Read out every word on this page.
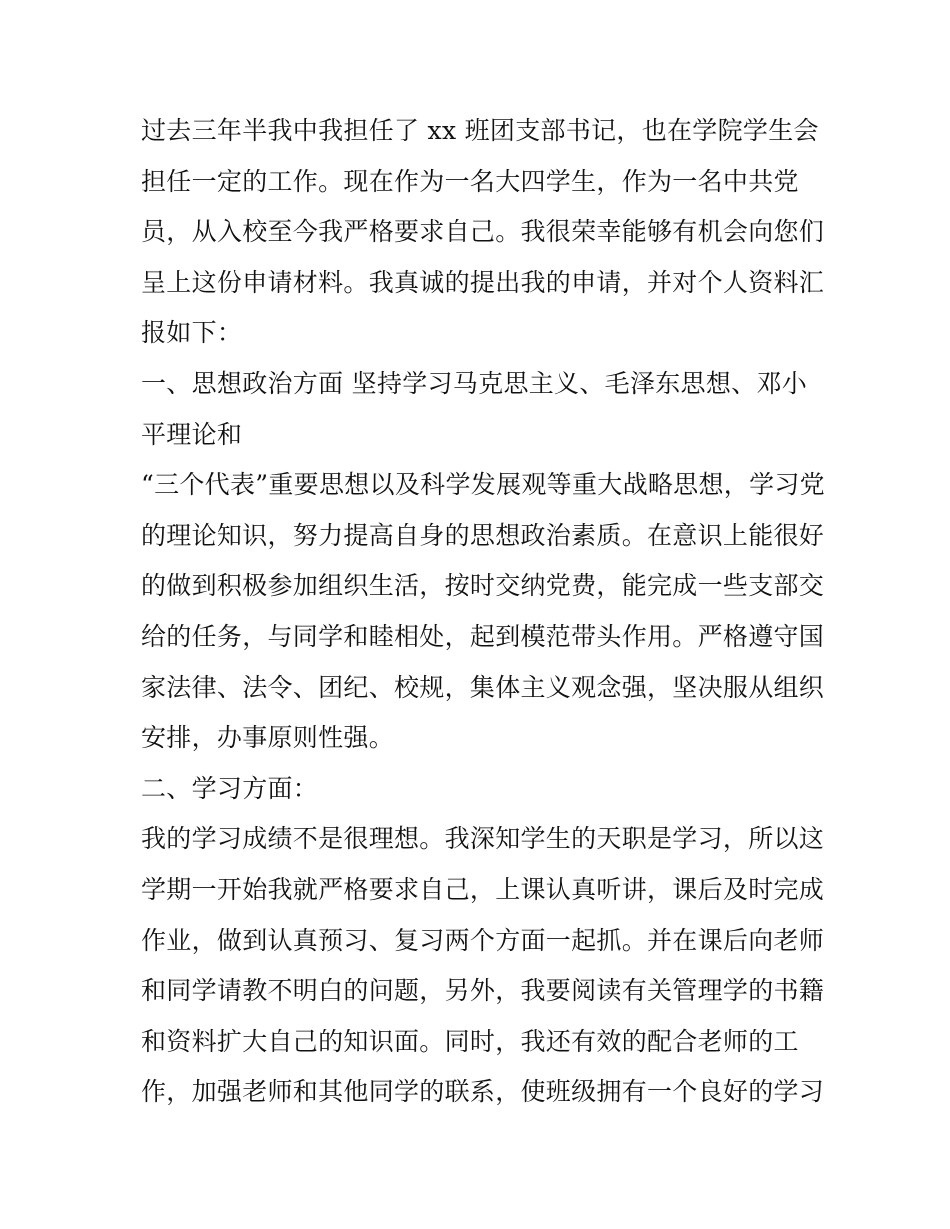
过去三年半我中我担任了 xx 班团支部书记，也在学院学生会
担任一定的工作。现在作为一名大四学生，作为一名中共党
员，从入校至今我严格要求自己。我很荣幸能够有机会向您们
呈上这份申请材料。我真诚的提出我的申请，并对个人资料汇
报如下：
一、思想政治方面 坚持学习马克思主义、毛泽东思想、邓小
平理论和
“三个代表”重要思想以及科学发展观等重大战略思想，学习党
的理论知识，努力提高自身的思想政治素质。在意识上能很好
的做到积极参加组织生活，按时交纳党费，能完成一些支部交
给的任务，与同学和睦相处，起到模范带头作用。严格遵守国
家法律、法令、团纪、校规，集体主义观念强，坚决服从组织
安排，办事原则性强。
二、学习方面：
我的学习成绩不是很理想。我深知学生的天职是学习，所以这
学期一开始我就严格要求自己，上课认真听讲，课后及时完成
作业，做到认真预习、复习两个方面一起抓。并在课后向老师
和同学请教不明白的问题，另外，我要阅读有关管理学的书籍
和资料扩大自己的知识面。同时，我还有效的配合老师的工
作，加强老师和其他同学的联系，使班级拥有一个良好的学习
